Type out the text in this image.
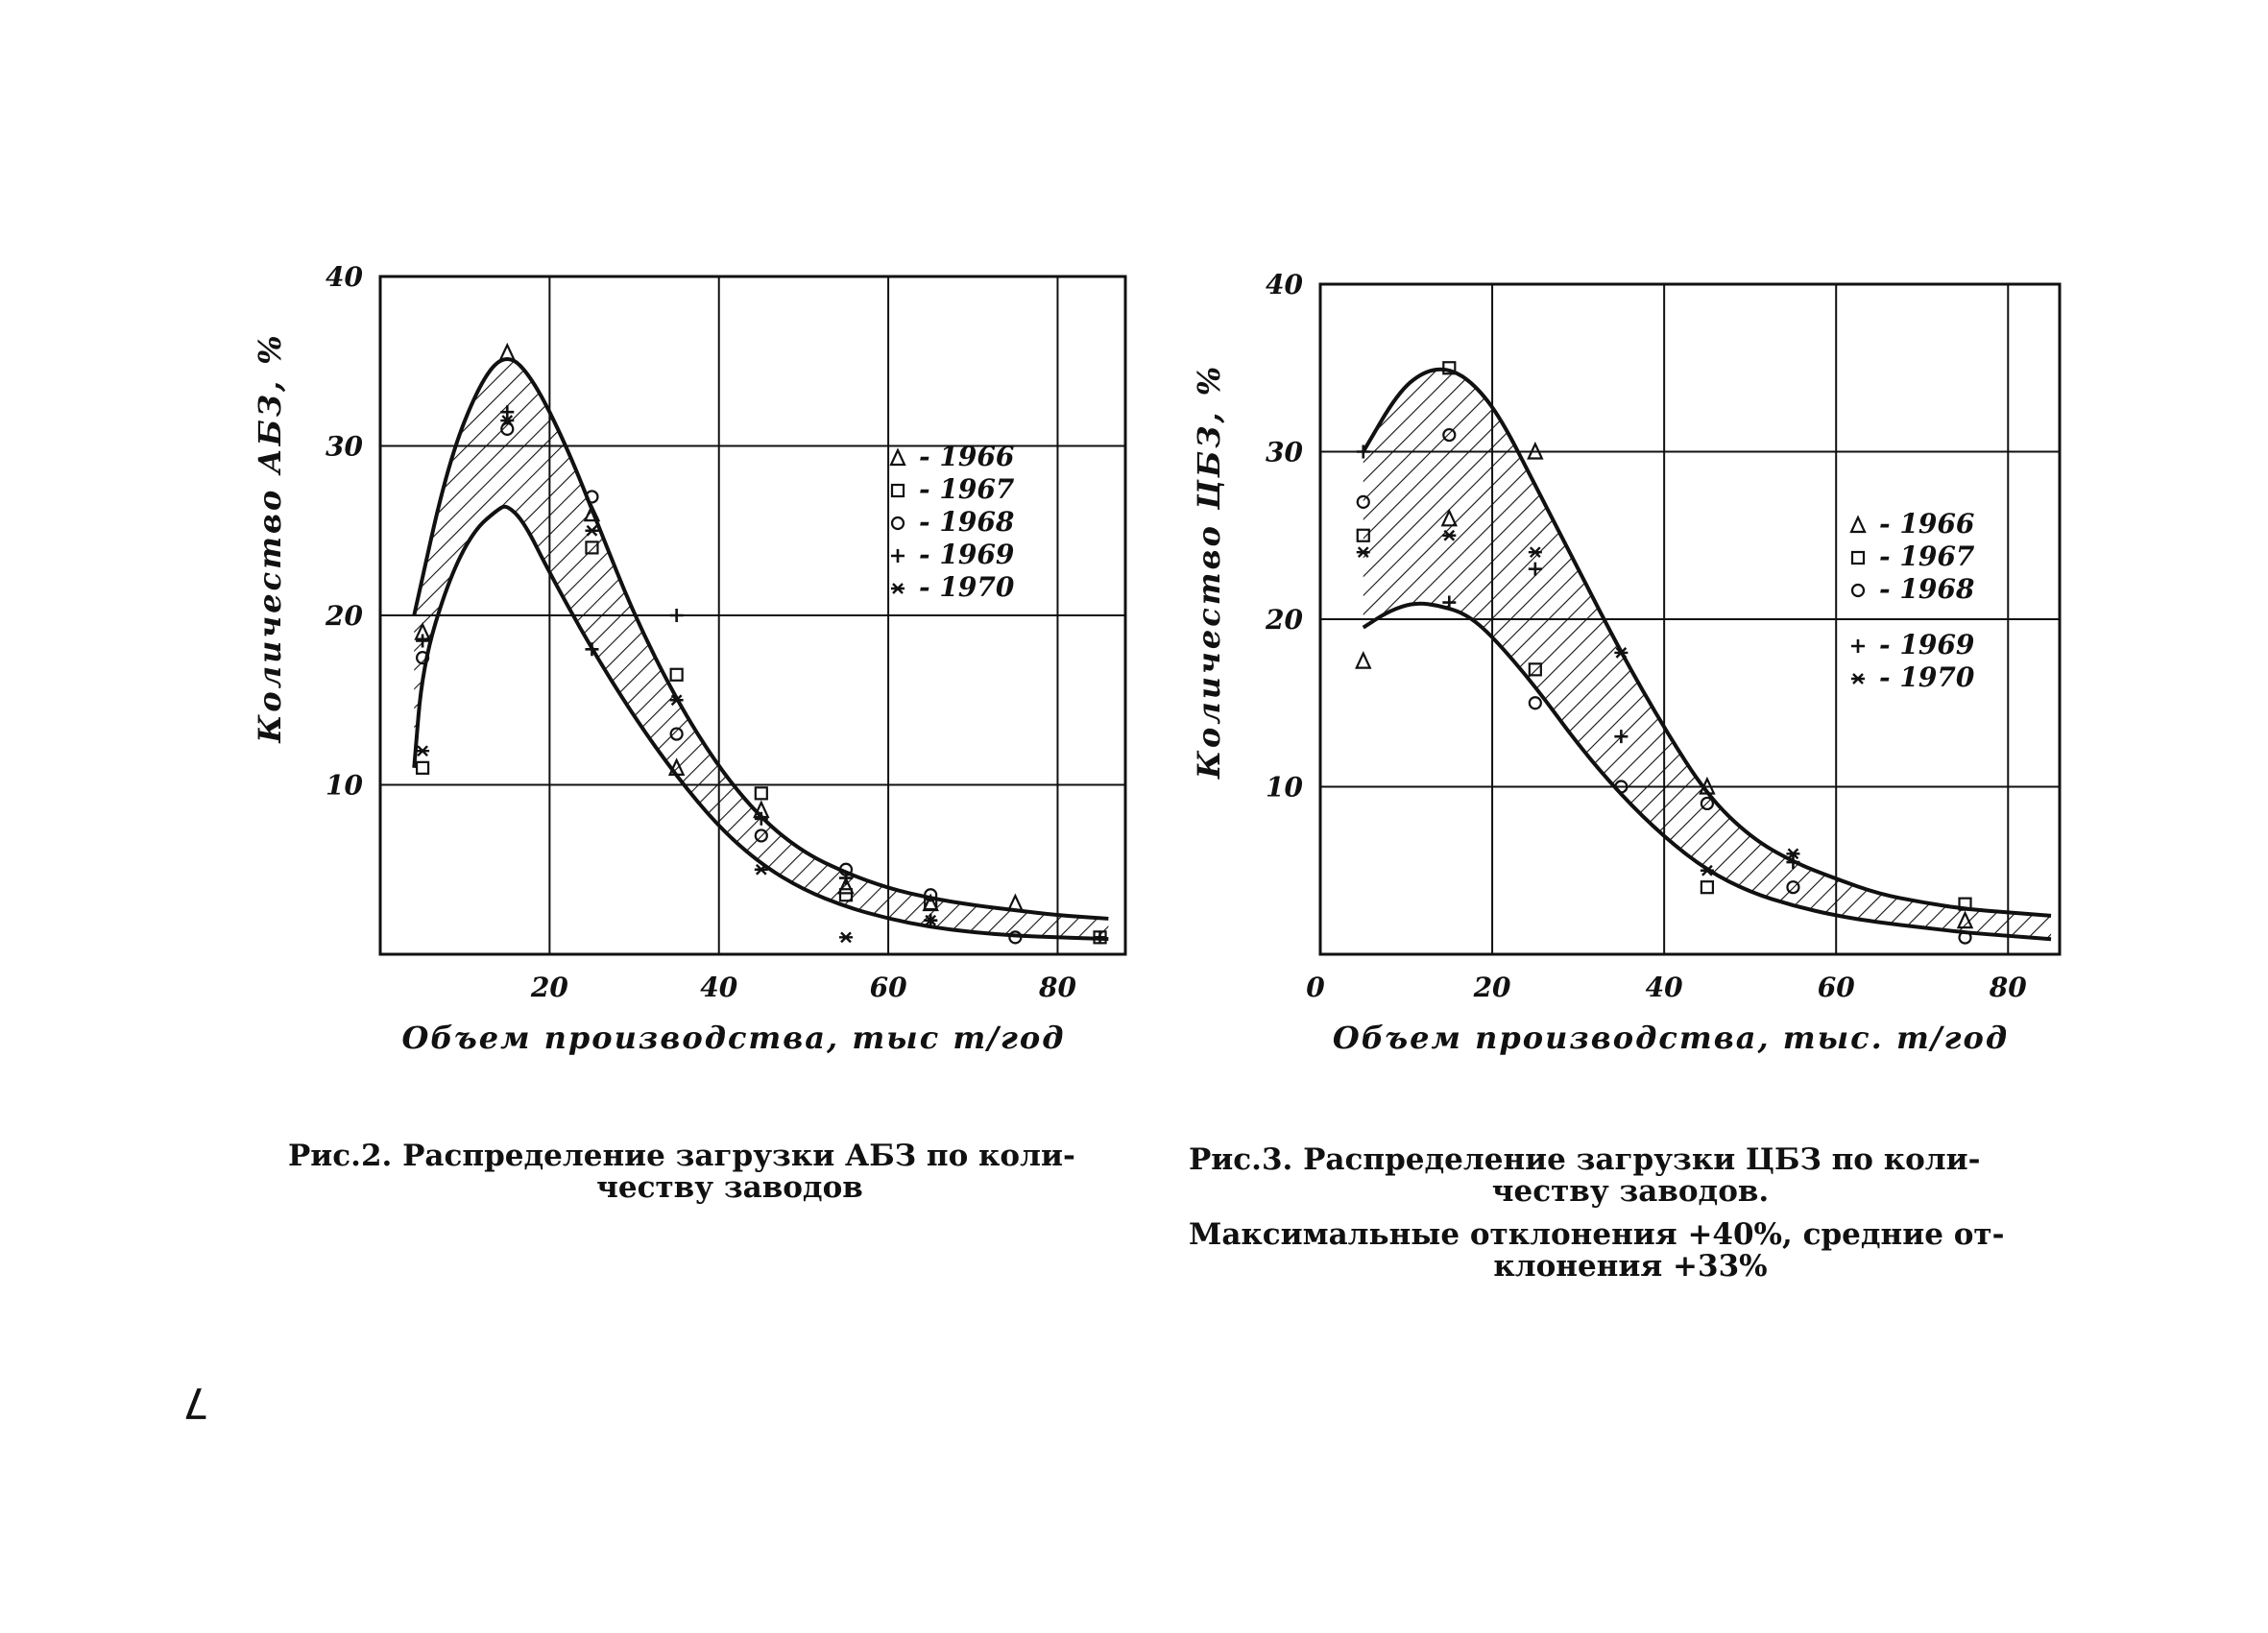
20	40	60	80
10
20
30
40
Объем производства, тыс т/год
Количество АБЗ, %	- 1966
- 1967
- 1968
- 1969
- 1970
0	20	40	60	80
10
20
30
40
Объем производства, тыс. т/год
Количество ЦБЗ, %	- 1966
- 1967
- 1968
- 1969
- 1970
Рис.2. Распределение загрузки АБЗ по коли-
честву заводов
Рис.3. Распределение загрузки ЦБЗ по коли-
честву заводов.
Максимальные отклонения +40%, средние от-
клонения +33%
7
